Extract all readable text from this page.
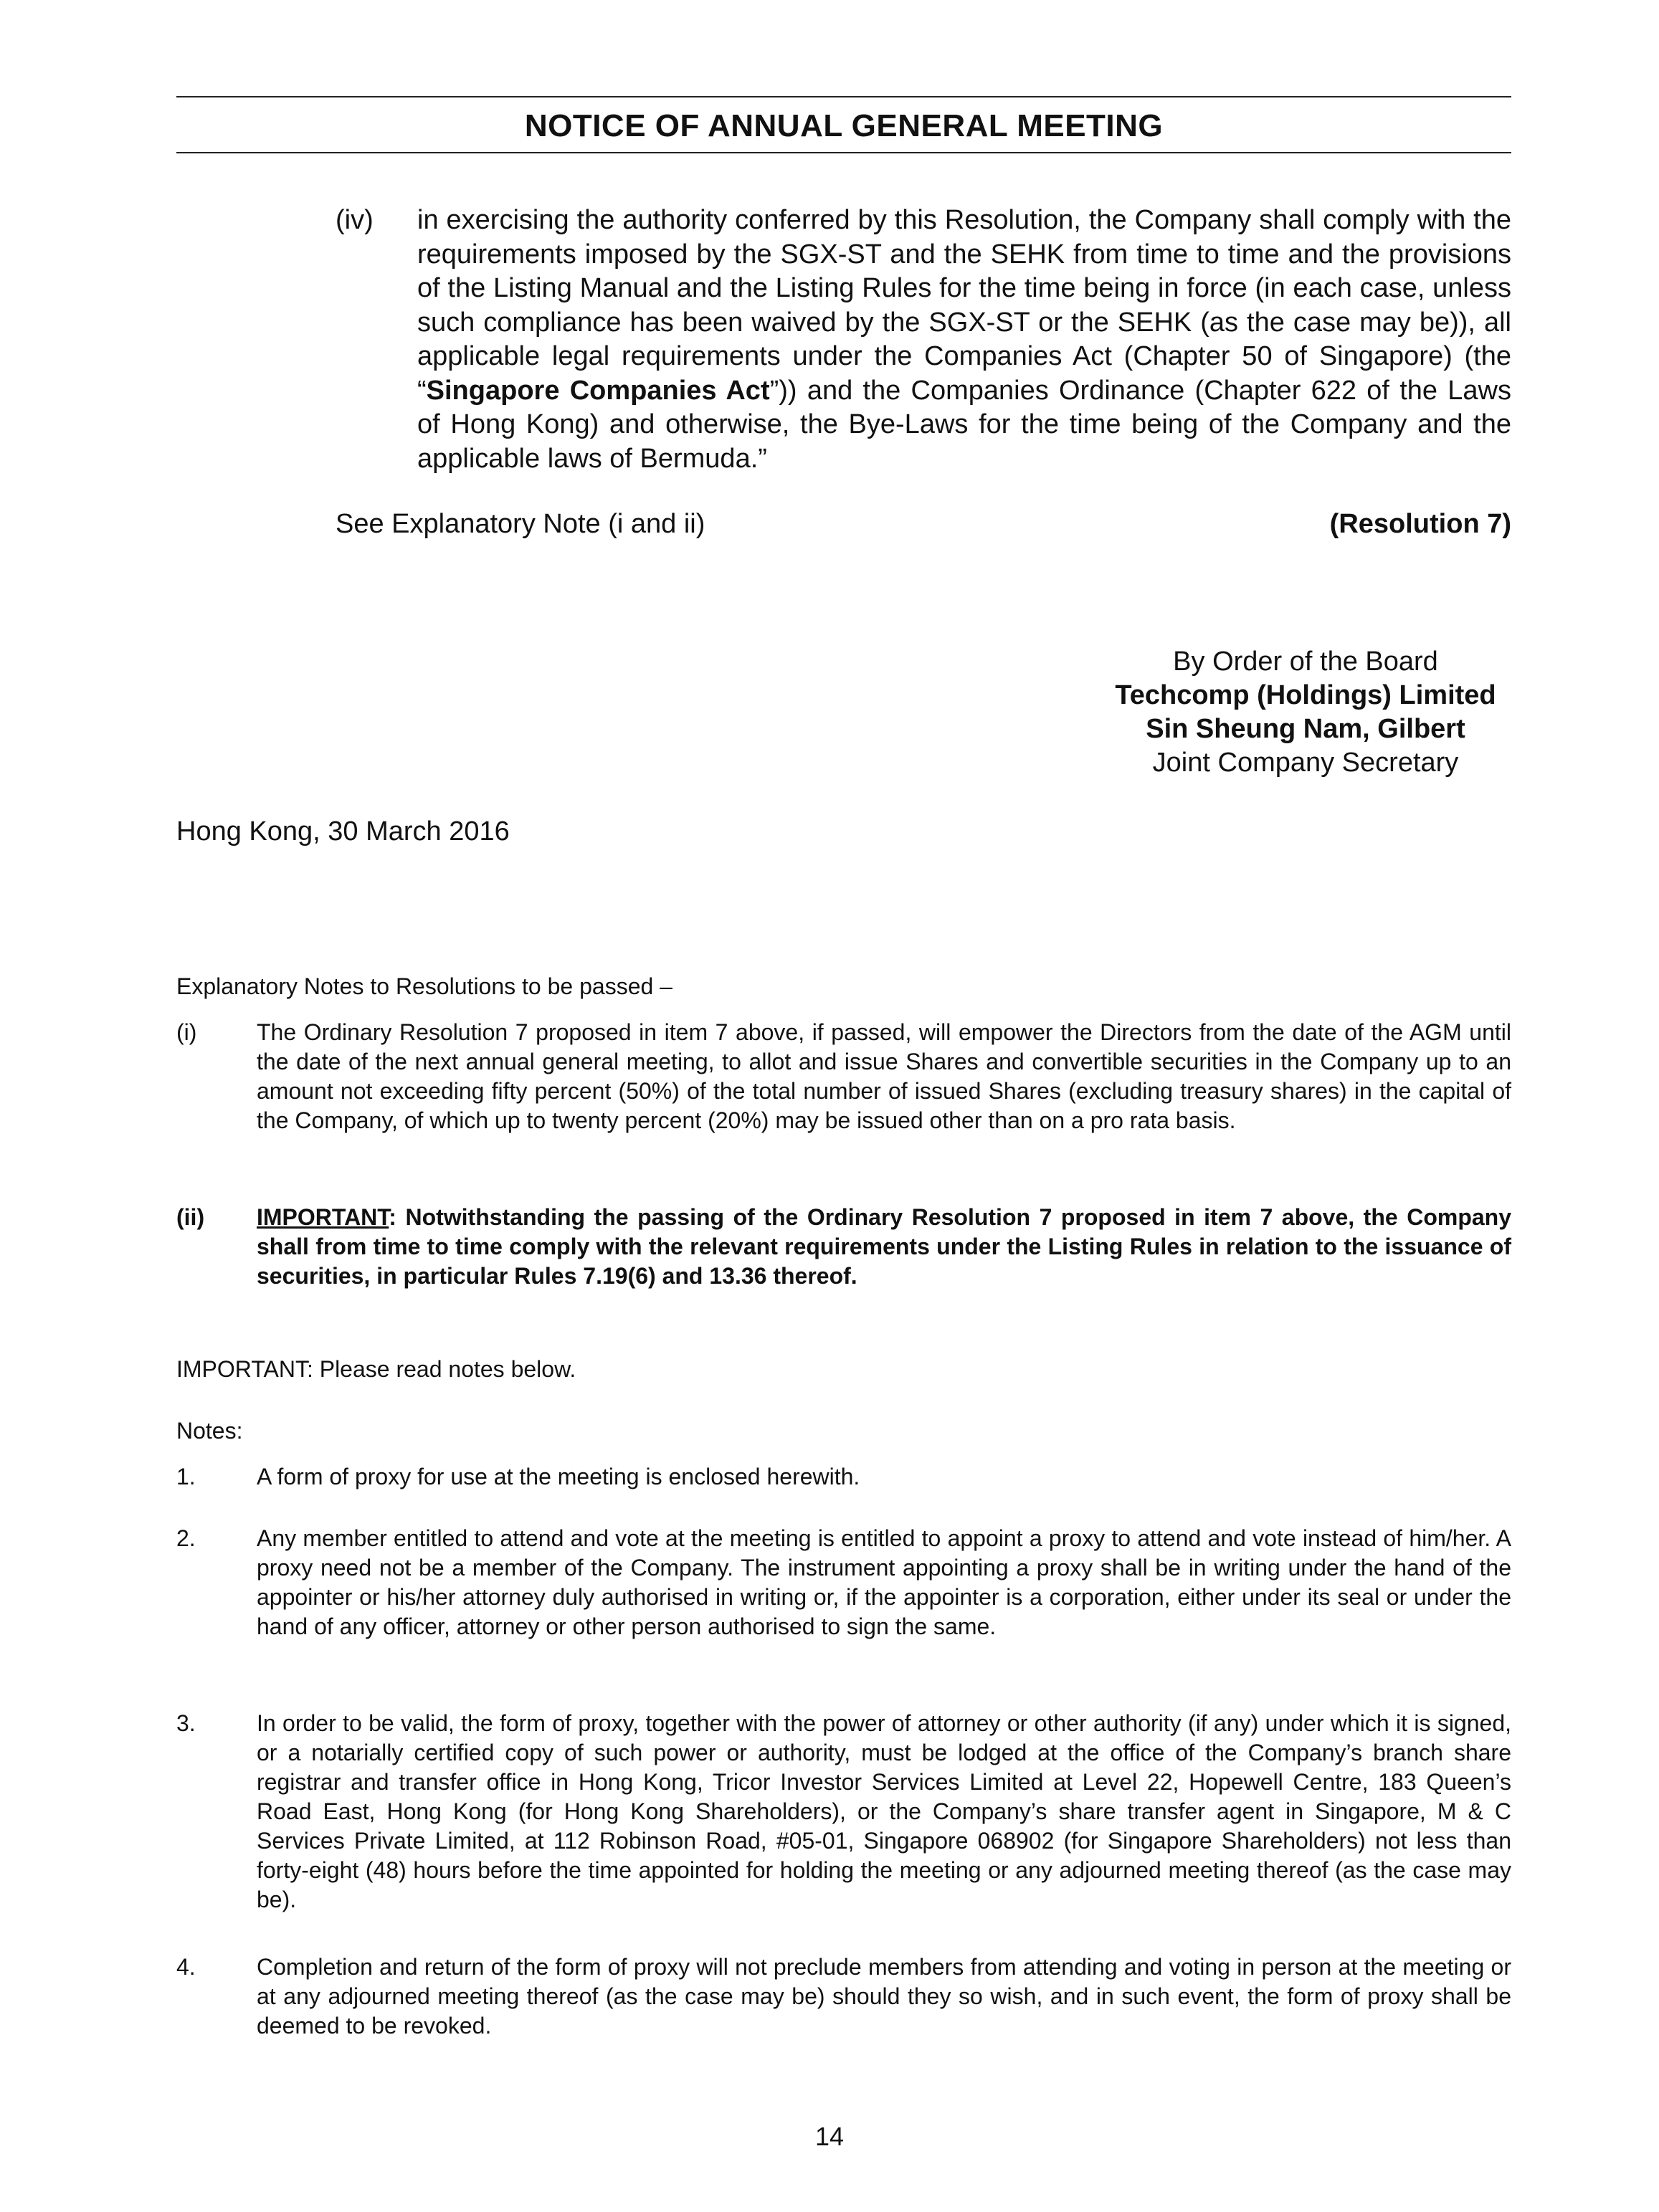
NOTICE OF ANNUAL GENERAL MEETING
(iv) in exercising the authority conferred by this Resolution, the Company shall comply with the requirements imposed by the SGX-ST and the SEHK from time to time and the provisions of the Listing Manual and the Listing Rules for the time being in force (in each case, unless such compliance has been waived by the SGX-ST or the SEHK (as the case may be)), all applicable legal requirements under the Companies Act (Chapter 50 of Singapore) (the “Singapore Companies Act”)) and the Companies Ordinance (Chapter 622 of the Laws of Hong Kong) and otherwise, the Bye-Laws for the time being of the Company and the applicable laws of Bermuda.”
See Explanatory Note (i and ii)	(Resolution 7)
By Order of the Board
Techcomp (Holdings) Limited
Sin Sheung Nam, Gilbert
Joint Company Secretary
Hong Kong, 30 March 2016
Explanatory Notes to Resolutions to be passed –
(i)	The Ordinary Resolution 7 proposed in item 7 above, if passed, will empower the Directors from the date of the AGM until the date of the next annual general meeting, to allot and issue Shares and convertible securities in the Company up to an amount not exceeding fifty percent (50%) of the total number of issued Shares (excluding treasury shares) in the capital of the Company, of which up to twenty percent (20%) may be issued other than on a pro rata basis.
(ii) IMPORTANT: Notwithstanding the passing of the Ordinary Resolution 7 proposed in item 7 above, the Company shall from time to time comply with the relevant requirements under the Listing Rules in relation to the issuance of securities, in particular Rules 7.19(6) and 13.36 thereof.
IMPORTANT: Please read notes below.
Notes:
1.	A form of proxy for use at the meeting is enclosed herewith.
2.	Any member entitled to attend and vote at the meeting is entitled to appoint a proxy to attend and vote instead of him/her. A proxy need not be a member of the Company. The instrument appointing a proxy shall be in writing under the hand of the appointer or his/her attorney duly authorised in writing or, if the appointer is a corporation, either under its seal or under the hand of any officer, attorney or other person authorised to sign the same.
3.	In order to be valid, the form of proxy, together with the power of attorney or other authority (if any) under which it is signed, or a notarially certified copy of such power or authority, must be lodged at the office of the Company’s branch share registrar and transfer office in Hong Kong, Tricor Investor Services Limited at Level 22, Hopewell Centre, 183 Queen’s Road East, Hong Kong (for Hong Kong Shareholders), or the Company’s share transfer agent in Singapore, M & C Services Private Limited, at 112 Robinson Road, #05-01, Singapore 068902 (for Singapore Shareholders) not less than forty-eight (48) hours before the time appointed for holding the meeting or any adjourned meeting thereof (as the case may be).
4.	Completion and return of the form of proxy will not preclude members from attending and voting in person at the meeting or at any adjourned meeting thereof (as the case may be) should they so wish, and in such event, the form of proxy shall be deemed to be revoked.
14
